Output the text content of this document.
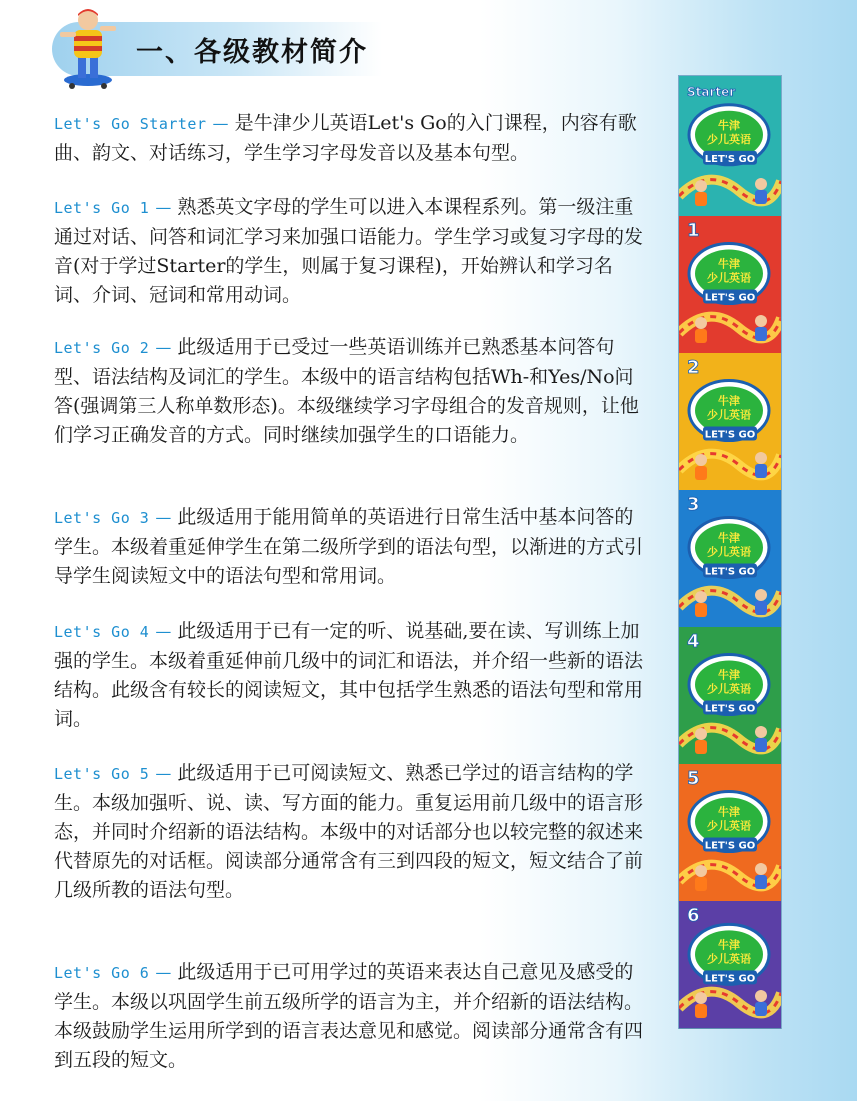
一、各级教材简介

Let's Go Starter — 是牛津少儿英语Let's Go的入门课程，内容有歌曲、韵文、对话练习，学生学习字母发音以及基本句型。

Let's Go 1 — 熟悉英文字母的学生可以进入本课程系列。第一级注重通过对话、问答和词汇学习来加强口语能力。学生学习或复习字母的发音(对于学过Starter的学生，则属于复习课程)，开始辨认和学习名词、介词、冠词和常用动词。

Let's Go 2 — 此级适用于已受过一些英语训练并已熟悉基本问答句型、语法结构及词汇的学生。本级中的语言结构包括Wh-和Yes/No问答(强调第三人称单数形态)。本级继续学习字母组合的发音规则，让他们学习正确发音的方式。同时继续加强学生的口语能力。

Let's Go 3 — 此级适用于能用简单的英语进行日常生活中基本问答的学生。本级着重延伸学生在第二级所学到的语法句型，以渐进的方式引导学生阅读短文中的语法句型和常用词。

Let's Go 4 — 此级适用于已有一定的听、说基础,要在读、写训练上加强的学生。本级着重延伸前几级中的词汇和语法，并介绍一些新的语法结构。此级含有较长的阅读短文，其中包括学生熟悉的语法句型和常用词。

Let's Go 5 — 此级适用于已可阅读短文、熟悉已学过的语言结构的学生。本级加强听、说、读、写方面的能力。重复运用前几级中的语言形态，并同时介绍新的语法结构。本级中的对话部分也以较完整的叙述来代替原先的对话框。阅读部分通常含有三到四段的短文，短文结合了前几级所教的语法句型。

Let's Go 6 — 此级适用于已可用学过的英语来表达自己意见及感受的学生。本级以巩固学生前五级所学的语言为主，并介绍新的语法结构。本级鼓励学生运用所学到的语言表达意见和感觉。阅读部分通常含有四到五段的短文。

牛津
少儿英语
LET'S GO
Starter
牛津
少儿英语
LET'S GO
1
牛津
少儿英语
LET'S GO
2
牛津
少儿英语
LET'S GO
3
牛津
少儿英语
LET'S GO
4
牛津
少儿英语
LET'S GO
5
牛津
少儿英语
LET'S GO
6
